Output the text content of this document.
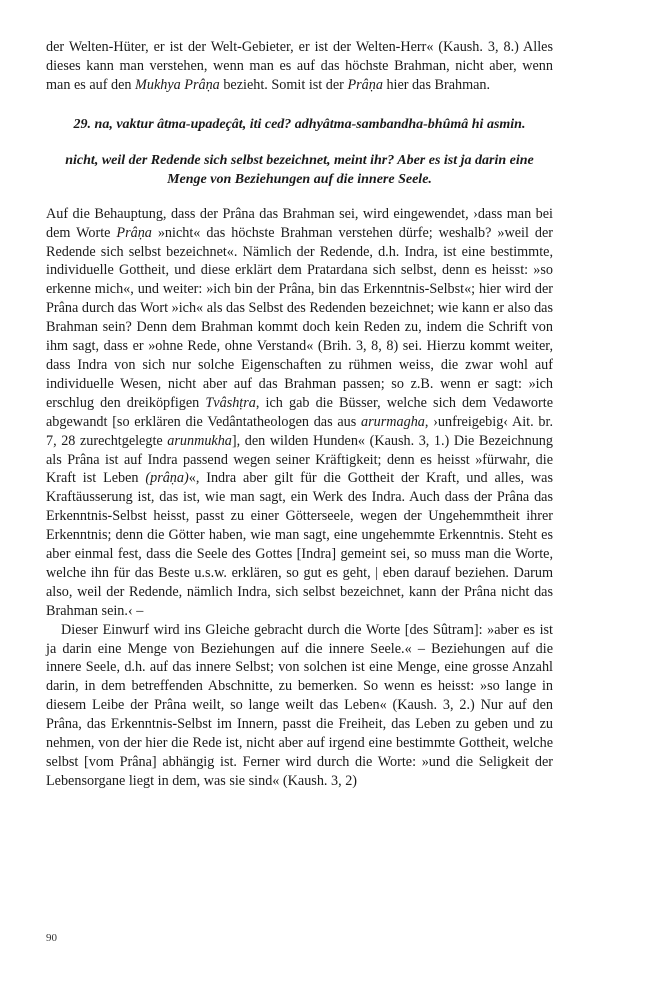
der Welten-Hüter, er ist der Welt-Gebieter, er ist der Welten-Herr« (Kaush. 3, 8.) Alles dieses kann man verstehen, wenn man es auf das höchste Brahman, nicht aber, wenn man es auf den Mukhya Prâṇa bezieht. Somit ist der Prâṇa hier das Brahman.

29. na, vaktur âtma-upadeçât, iti ced? adhyâtma-sambandha-bhûmâ hi asmin.

nicht, weil der Redende sich selbst bezeichnet, meint ihr? Aber es ist ja darin eine Menge von Beziehungen auf die innere Seele.

Auf die Behauptung, dass der Prâna das Brahman sei, wird eingewendet, ›dass man bei dem Worte Prâṇa »nicht« das höchste Brahman verstehen dürfe; weshalb? »weil der Redende sich selbst bezeichnet«. Nämlich der Redende, d.h. Indra, ist eine bestimmte, individuelle Gottheit, und diese erklärt dem Pratardana sich selbst, denn es heisst: »so erkenne mich«, und weiter: »ich bin der Prâna, bin das Erkenntnis-Selbst«; hier wird der Prâna durch das Wort »ich« als das Selbst des Redenden bezeichnet; wie kann er also das Brahman sein? Denn dem Brahman kommt doch kein Reden zu, indem die Schrift von ihm sagt, dass er »ohne Rede, ohne Verstand« (Brih. 3, 8, 8) sei. Hierzu kommt weiter, dass Indra von sich nur solche Eigenschaften zu rühmen weiss, die zwar wohl auf individuelle Wesen, nicht aber auf das Brahman passen; so z.B. wenn er sagt: »ich erschlug den dreiköpfigen Tvâshṭra, ich gab die Büsser, welche sich dem Vedaworte abgewandt [so erklären die Vedântatheologen das aus arurmagha, ›unfreigebig‹ Ait. br. 7, 28 zurechtgelegte arunmukha], den wilden Hunden« (Kaush. 3, 1.) Die Bezeichnung als Prâna ist auf Indra passend wegen seiner Kräftigkeit; denn es heisst »fürwahr, die Kraft ist Leben (prâṇa)«, Indra aber gilt für die Gottheit der Kraft, und alles, was Kraftäusserung ist, das ist, wie man sagt, ein Werk des Indra. Auch dass der Prâna das Erkenntnis-Selbst heisst, passt zu einer Götterseele, wegen der Ungehemmtheit ihrer Erkenntnis; denn die Götter haben, wie man sagt, eine ungehemmte Erkenntnis. Steht es aber einmal fest, dass die Seele des Gottes [Indra] gemeint sei, so muss man die Worte, welche ihn für das Beste u.s.w. erklären, so gut es geht, | eben darauf beziehen. Darum also, weil der Redende, nämlich Indra, sich selbst bezeichnet, kann der Prâna nicht das Brahman sein.‹ –

Dieser Einwurf wird ins Gleiche gebracht durch die Worte [des Sûtram]: »aber es ist ja darin eine Menge von Beziehungen auf die innere Seele.« – Beziehungen auf die innere Seele, d.h. auf das innere Selbst; von solchen ist eine Menge, eine grosse Anzahl darin, in dem betreffenden Abschnitte, zu bemerken. So wenn es heisst: »so lange in diesem Leibe der Prâna weilt, so lange weilt das Leben« (Kaush. 3, 2.) Nur auf den Prâna, das Erkenntnis-Selbst im Innern, passt die Freiheit, das Leben zu geben und zu nehmen, von der hier die Rede ist, nicht aber auf irgend eine bestimmte Gottheit, welche selbst [vom Prâna] abhängig ist. Ferner wird durch die Worte: »und die Seligkeit der Lebensorgane liegt in dem, was sie sind« (Kaush. 3, 2)

90
